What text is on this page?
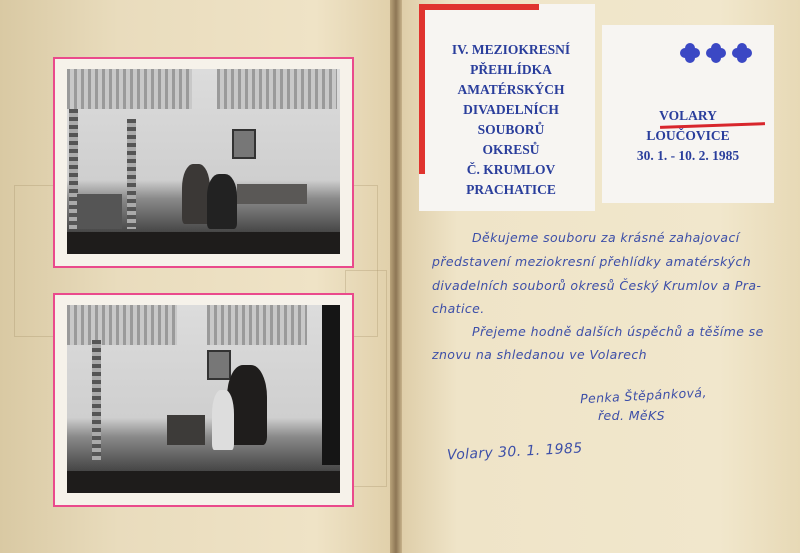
IV. MEZIOKRESNÍ
PŘEHLÍDKA
AMATÉRSKÝCH
DIVADELNÍCH
SOUBORŮ
OKRESŮ
Č. KRUMLOV
PRACHATICE
VOLARY
LOUČOVICE
30. 1. - 10. 2. 1985
Děkujeme souboru za krásné zahajovací
představení meziokresní přehlídky amatérských
divadelních souborů okresů Český Krumlov a Pra-
chatice.
Přejeme hodně dalších úspěchů a těšíme se
znovu na shledanou ve Volarech
Penka Štěpánková,
řed. MěKS
Volary 30. 1. 1985
